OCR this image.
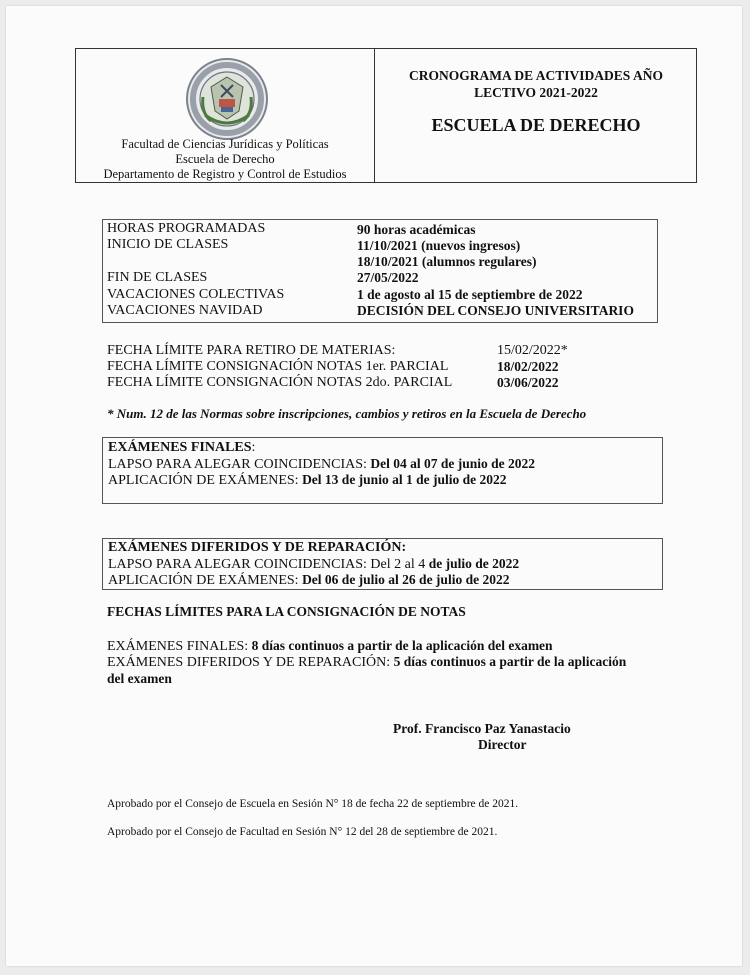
Facultad de Ciencias Jurídicas y Políticas
Escuela de Derecho
Departamento de Registro y Control de Estudios
CRONOGRAMA DE ACTIVIDADES AÑO
LECTIVO 2021-2022
ESCUELA DE DERECHO
HORAS PROGRAMADAS	90 horas académicas
INICIO DE CLASES	11/10/2021 (nuevos ingresos)
18/10/2021 (alumnos regulares)
FIN DE CLASES	27/05/2022
VACACIONES COLECTIVAS	1 de agosto al 15 de septiembre de 2022
VACACIONES NAVIDAD	DECISIÓN DEL CONSEJO UNIVERSITARIO
FECHA LÍMITE PARA RETIRO DE MATERIAS:	15/02/2022*
FECHA LÍMITE CONSIGNACIÓN NOTAS 1er. PARCIAL	18/02/2022
FECHA LÍMITE CONSIGNACIÓN NOTAS 2do. PARCIAL	03/06/2022
* Num. 12 de las Normas sobre inscripciones, cambios y retiros en la Escuela de Derecho
EXÁMENES FINALES:
LAPSO PARA ALEGAR COINCIDENCIAS: Del 04 al 07 de junio de 2022
APLICACIÓN DE EXÁMENES: Del 13 de junio al 1 de julio de 2022
EXÁMENES DIFERIDOS Y DE REPARACIÓN:
LAPSO PARA ALEGAR COINCIDENCIAS: Del 2 al 4 de julio de 2022
APLICACIÓN DE EXÁMENES: Del 06 de julio al 26 de julio de 2022
FECHAS LÍMITES PARA LA CONSIGNACIÓN DE NOTAS
EXÁMENES FINALES: 8 días continuos a partir de la aplicación del examen
EXÁMENES DIFERIDOS Y DE REPARACIÓN: 5 días continuos a partir de la aplicación
del examen
Prof. Francisco Paz Yanastacio
Director
Aprobado por el Consejo de Escuela en Sesión N° 18 de fecha 22 de septiembre de 2021.
Aprobado por el Consejo de Facultad en Sesión N° 12 del 28 de septiembre de 2021.
